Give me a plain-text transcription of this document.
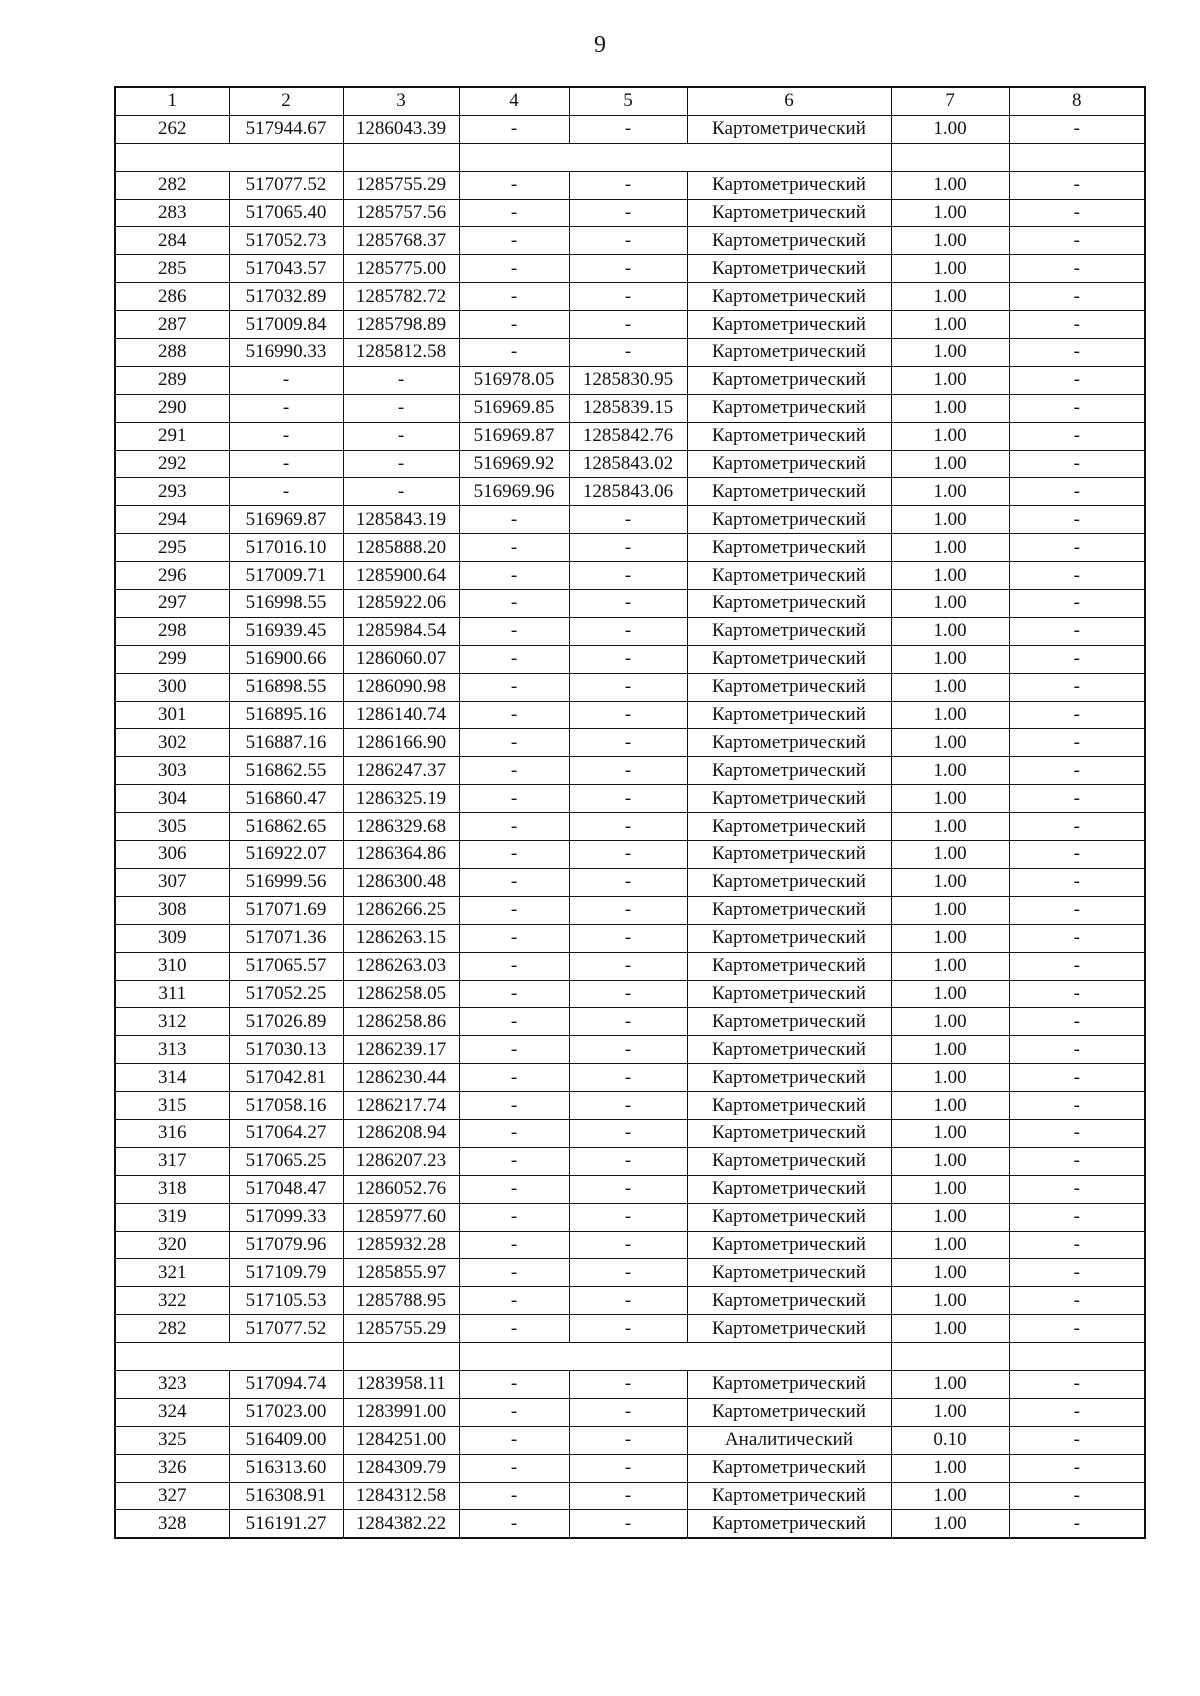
9
1	2	3	4	5	6	7	8
262	517944.67	1286043.39	-	-	Картометрический	1.00	-

282	517077.52	1285755.29	-	-	Картометрический	1.00	-
283	517065.40	1285757.56	-	-	Картометрический	1.00	-
284	517052.73	1285768.37	-	-	Картометрический	1.00	-
285	517043.57	1285775.00	-	-	Картометрический	1.00	-
286	517032.89	1285782.72	-	-	Картометрический	1.00	-
287	517009.84	1285798.89	-	-	Картометрический	1.00	-
288	516990.33	1285812.58	-	-	Картометрический	1.00	-
289	-	-	516978.05	1285830.95	Картометрический	1.00	-
290	-	-	516969.85	1285839.15	Картометрический	1.00	-
291	-	-	516969.87	1285842.76	Картометрический	1.00	-
292	-	-	516969.92	1285843.02	Картометрический	1.00	-
293	-	-	516969.96	1285843.06	Картометрический	1.00	-
294	516969.87	1285843.19	-	-	Картометрический	1.00	-
295	517016.10	1285888.20	-	-	Картометрический	1.00	-
296	517009.71	1285900.64	-	-	Картометрический	1.00	-
297	516998.55	1285922.06	-	-	Картометрический	1.00	-
298	516939.45	1285984.54	-	-	Картометрический	1.00	-
299	516900.66	1286060.07	-	-	Картометрический	1.00	-
300	516898.55	1286090.98	-	-	Картометрический	1.00	-
301	516895.16	1286140.74	-	-	Картометрический	1.00	-
302	516887.16	1286166.90	-	-	Картометрический	1.00	-
303	516862.55	1286247.37	-	-	Картометрический	1.00	-
304	516860.47	1286325.19	-	-	Картометрический	1.00	-
305	516862.65	1286329.68	-	-	Картометрический	1.00	-
306	516922.07	1286364.86	-	-	Картометрический	1.00	-
307	516999.56	1286300.48	-	-	Картометрический	1.00	-
308	517071.69	1286266.25	-	-	Картометрический	1.00	-
309	517071.36	1286263.15	-	-	Картометрический	1.00	-
310	517065.57	1286263.03	-	-	Картометрический	1.00	-
311	517052.25	1286258.05	-	-	Картометрический	1.00	-
312	517026.89	1286258.86	-	-	Картометрический	1.00	-
313	517030.13	1286239.17	-	-	Картометрический	1.00	-
314	517042.81	1286230.44	-	-	Картометрический	1.00	-
315	517058.16	1286217.74	-	-	Картометрический	1.00	-
316	517064.27	1286208.94	-	-	Картометрический	1.00	-
317	517065.25	1286207.23	-	-	Картометрический	1.00	-
318	517048.47	1286052.76	-	-	Картометрический	1.00	-
319	517099.33	1285977.60	-	-	Картометрический	1.00	-
320	517079.96	1285932.28	-	-	Картометрический	1.00	-
321	517109.79	1285855.97	-	-	Картометрический	1.00	-
322	517105.53	1285788.95	-	-	Картометрический	1.00	-
282	517077.52	1285755.29	-	-	Картометрический	1.00	-

323	517094.74	1283958.11	-	-	Картометрический	1.00	-
324	517023.00	1283991.00	-	-	Картометрический	1.00	-
325	516409.00	1284251.00	-	-	Аналитический	0.10	-
326	516313.60	1284309.79	-	-	Картометрический	1.00	-
327	516308.91	1284312.58	-	-	Картометрический	1.00	-
328	516191.27	1284382.22	-	-	Картометрический	1.00	-
